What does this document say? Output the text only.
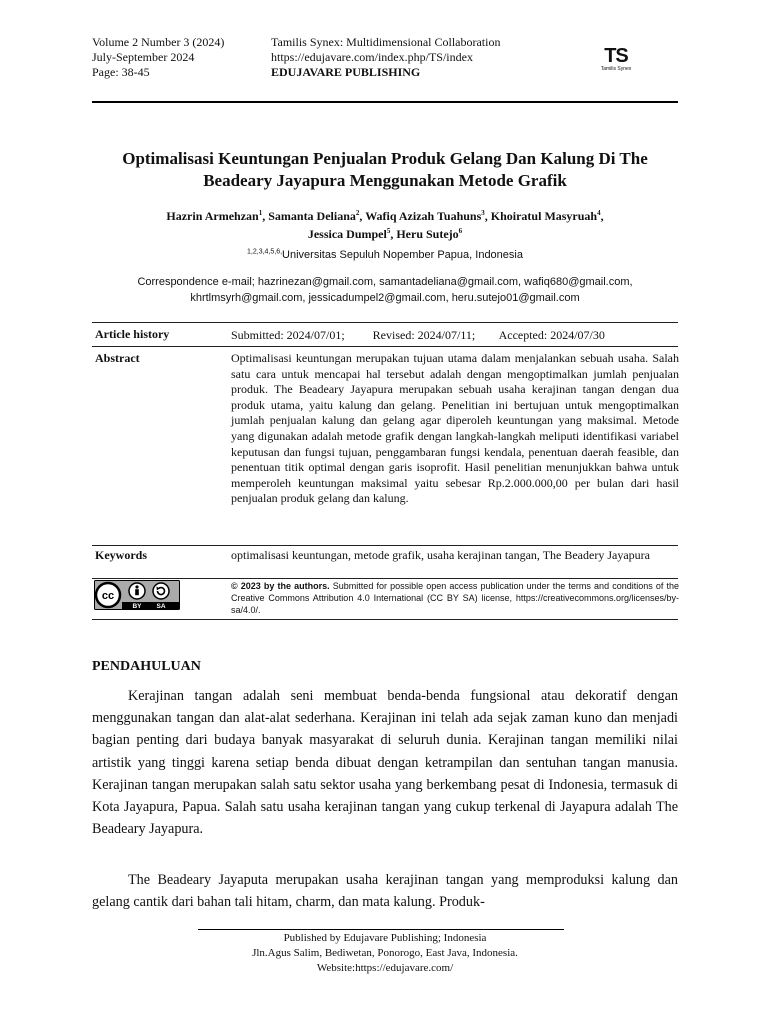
Volume 2 Number 3 (2024)
July-September 2024
Page: 38-45
Tamilis Synex: Multidimensional Collaboration
https://edujavare.com/index.php/TS/index
EDUJAVARE PUBLISHING
TS
Tamilis Synex
Optimalisasi Keuntungan Penjualan Produk Gelang Dan Kalung Di The Beadeary Jayapura Menggunakan Metode Grafik
Hazrin Armehzan$^1$, Samanta Deliana$^2$, Wafiq Azizah Tuahuns$^3$, Khoiratul Masyruah$^4$,
Jessica Dumpel$^5$, Heru Sutejo$^6$
$^{1,2,3,4,5,6,}$Universitas Sepuluh Nopember Papua, Indonesia
Correspondence e-mail; hazrinezan@gmail.com, samantadeliana@gmail.com, wafiq680@gmail.com,
khrtlmsyrh@gmail.com, jessicadumpel2@gmail.com, heru.sutejo01@gmail.com
Article history	Submitted: 2024/07/01; Revised: 2024/07/11; Accepted: 2024/07/30
Abstract	Optimalisasi keuntungan merupakan tujuan utama dalam menjalankan sebuah usaha. Salah satu cara untuk mencapai hal tersebut adalah dengan mengoptimalkan jumlah penjualan produk. The Beadeary Jayapura merupakan sebuah usaha kerajinan tangan dengan dua produk utama, yaitu kalung dan gelang. Penelitian ini bertujuan untuk mengoptimalkan jumlah penjualan kalung dan gelang agar diperoleh keuntungan yang maksimal. Metode yang digunakan adalah metode grafik dengan langkah-langkah meliputi identifikasi variabel keputusan dan fungsi tujuan, penggambaran fungsi kendala, penentuan daerah feasible, dan penentuan titik optimal dengan garis isoprofit. Hasil penelitian menunjukkan bahwa untuk memperoleh keuntungan maksimal yaitu sebesar Rp.2.000.000,00 per bulan dari hasil penjualan produk gelang dan kalung.
Keywords	optimalisasi keuntungan, metode grafik, usaha kerajinan tangan, The Beadery Jayapura
cc
BY SA
© 2023 by the authors. Submitted for possible open access publication under the terms and conditions of the Creative Commons Attribution 4.0 International (CC BY SA) license, https://creativecommons.org/licenses/by-sa/4.0/.
PENDAHULUAN
Kerajinan tangan adalah seni membuat benda-benda fungsional atau dekoratif dengan menggunakan tangan dan alat-alat sederhana. Kerajinan ini telah ada sejak zaman kuno dan menjadi bagian penting dari budaya banyak masyarakat di seluruh dunia. Kerajinan tangan memiliki nilai artistik yang tinggi karena setiap benda dibuat dengan ketrampilan dan sentuhan tangan manusia. Kerajinan tangan merupakan salah satu sektor usaha yang berkembang pesat di Indonesia, termasuk di Kota Jayapura, Papua. Salah satu usaha kerajinan tangan yang cukup terkenal di Jayapura adalah The Beadeary Jayapura.
The Beadeary Jayaputa merupakan usaha kerajinan tangan yang memproduksi kalung dan gelang cantik dari bahan tali hitam, charm, dan mata kalung. Produk-
Published by Edujavare Publishing; Indonesia
Jln.Agus Salim, Bediwetan, Ponorogo, East Java, Indonesia.
Website:https://edujavare.com/
